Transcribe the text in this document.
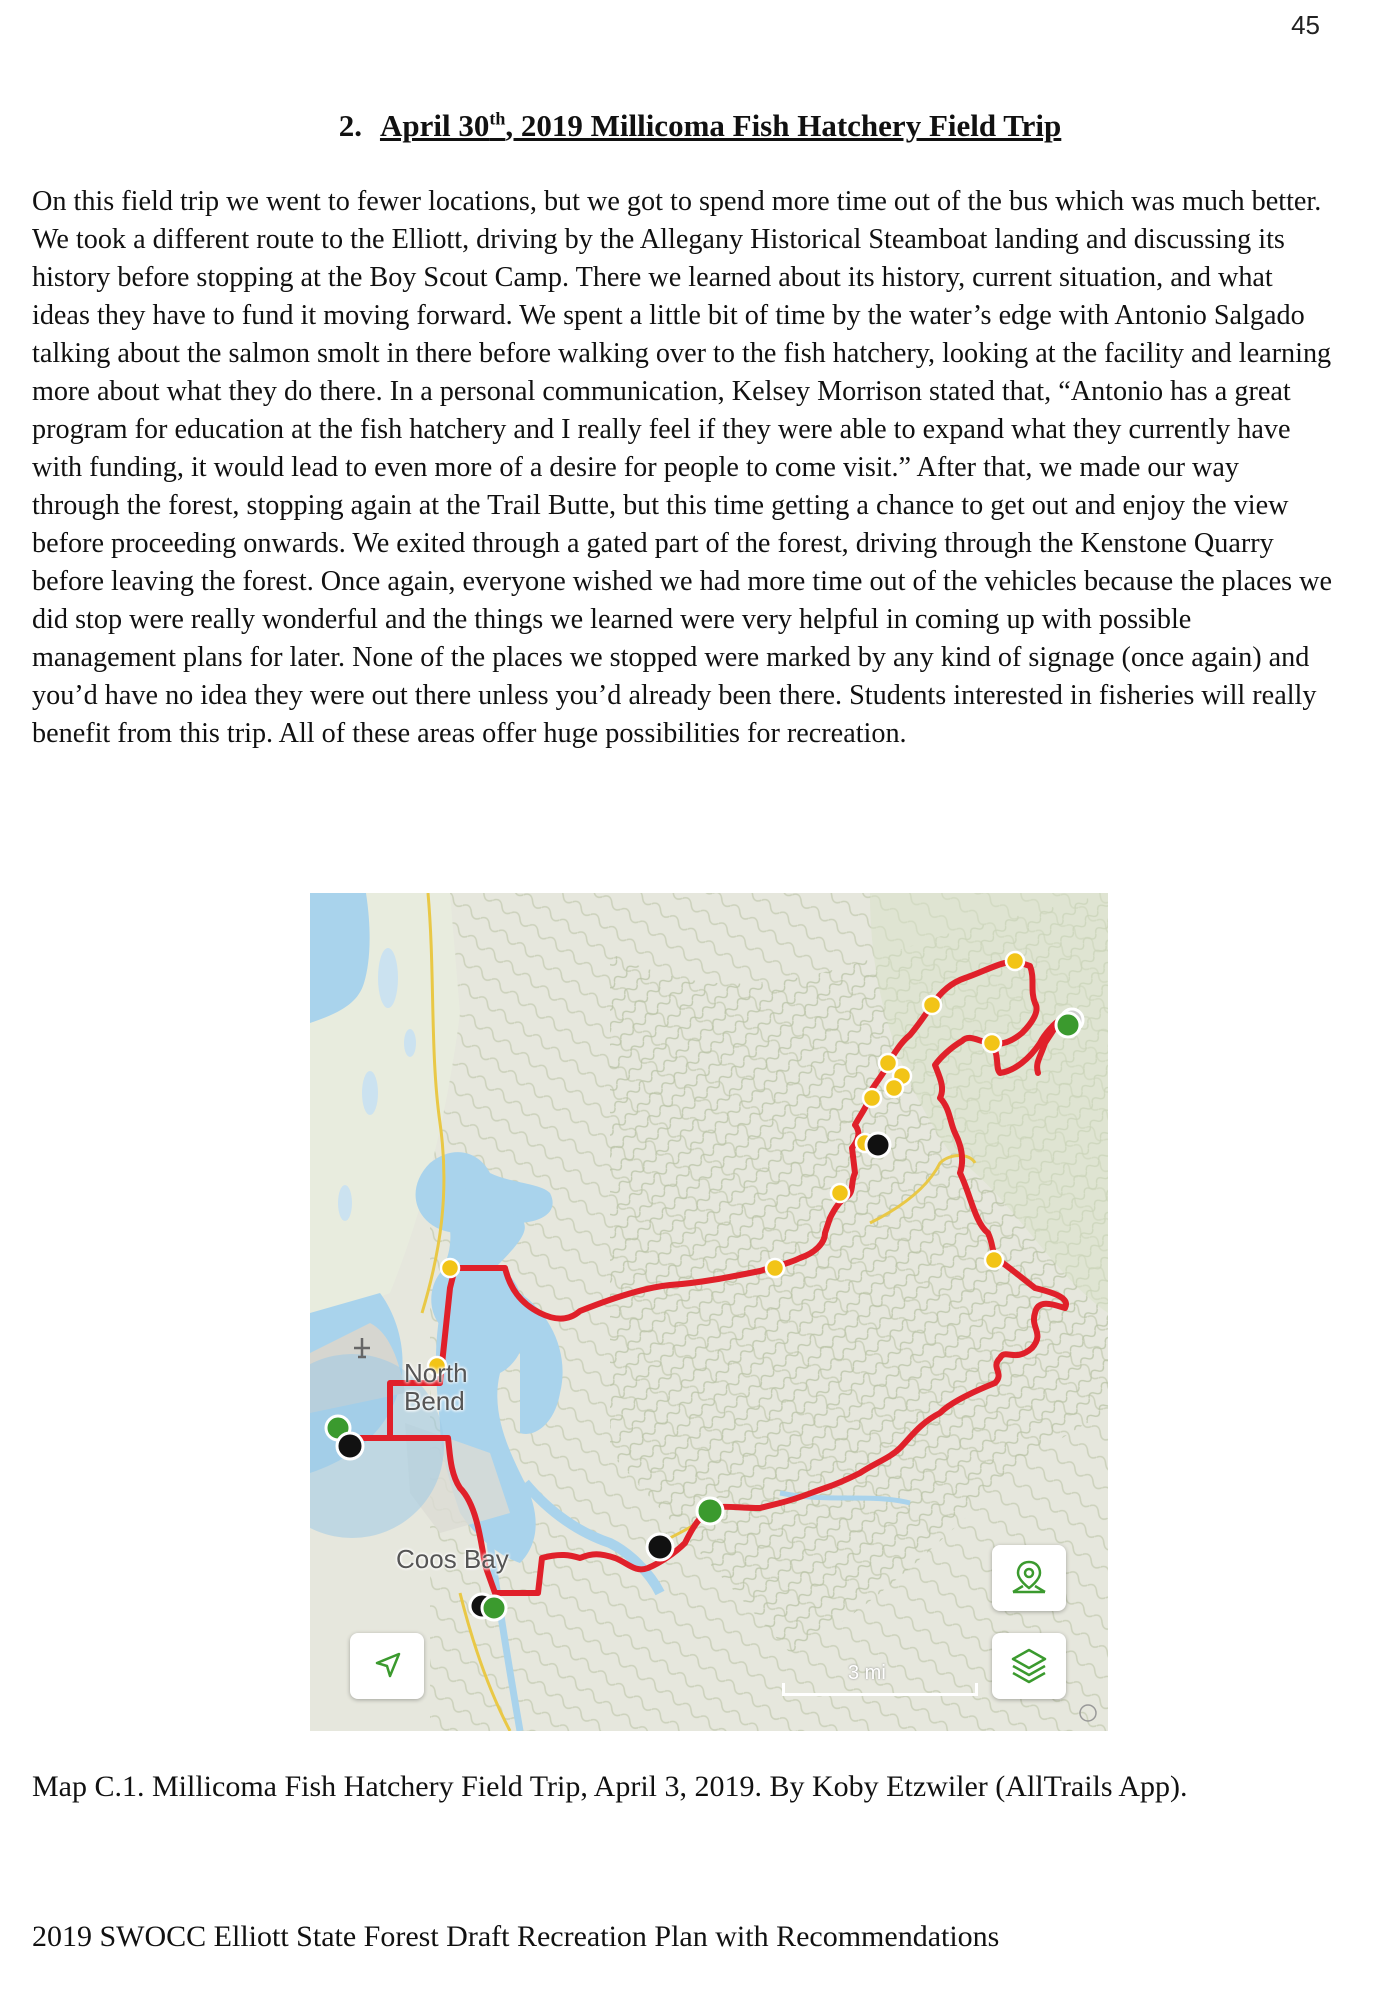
45
2. April 30th, 2019 Millicoma Fish Hatchery Field Trip

On this field trip we went to fewer locations, but we got to spend more time out of the bus which was much better. We took a different route to the Elliott, driving by the Allegany Historical Steamboat landing and discussing its history before stopping at the Boy Scout Camp. There we learned about its history, current situation, and what ideas they have to fund it moving forward. We spent a little bit of time by the water’s edge with Antonio Salgado talking about the salmon smolt in there before walking over to the fish hatchery, looking at the facility and learning more about what they do there. In a personal communication, Kelsey Morrison stated that, “Antonio has a great program for education at the fish hatchery and I really feel if they were able to expand what they currently have with funding, it would lead to even more of a desire for people to come visit.” After that, we made our way through the forest, stopping again at the Trail Butte, but this time getting a chance to get out and enjoy the view before proceeding onwards. We exited through a gated part of the forest, driving through the Kenstone Quarry before leaving the forest. Once again, everyone wished we had more time out of the vehicles because the places we did stop were really wonderful and the things we learned were very helpful in coming up with possible management plans for later. None of the places we stopped were marked by any kind of signage (once again) and you’d have no idea they were out there unless you’d already been there. Students interested in fisheries will really benefit from this trip. All of these areas offer huge possibilities for recreation.

North
Bend
Coos Bay
3 mi
Map C.1. Millicoma Fish Hatchery Field Trip, April 3, 2019. By Koby Etzwiler (AllTrails App).
2019 SWOCC Elliott State Forest Draft Recreation Plan with Recommendations
